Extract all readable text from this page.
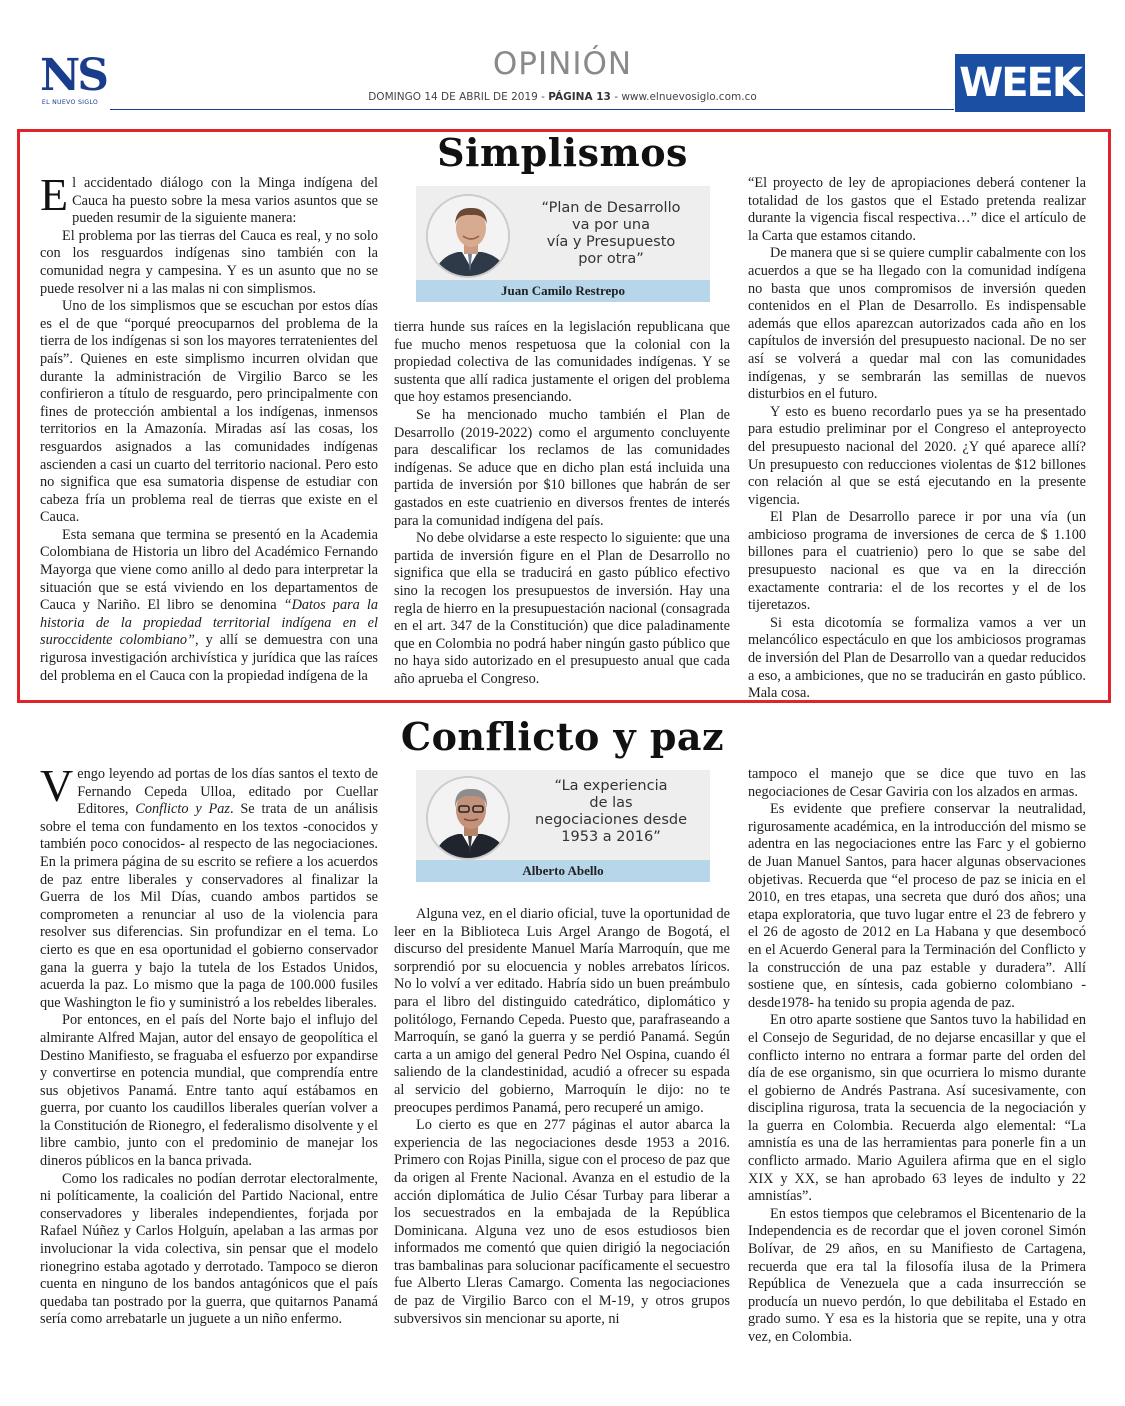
NS
EL NUEVO SIGLO
OPINIÓN
DOMINGO 14 DE ABRIL DE 2019 - PÁGINA 13 - www.elnuevosiglo.com.co	WEEK
Simplismos

El accidentado diálogo con la Minga indígena del Cauca ha puesto sobre la mesa varios asuntos que se pueden resumir de la siguiente manera:

El problema por las tierras del Cauca es real, y no solo con los resguardos indígenas sino también con la comunidad negra y campesina. Y es un asunto que no se puede resolver ni a las malas ni con simplismos.

Uno de los simplismos que se escuchan por estos días es el de que “porqué preocuparnos del problema de la tierra de los indígenas si son los mayores terratenientes del país”. Quienes en este simplismo incurren olvidan que durante la administración de Virgilio Barco se les confirieron a título de resguardo, pero principalmente con fines de protección ambiental a los indígenas, inmensos territorios en la Amazonía. Miradas así las cosas, los resguardos asignados a las comunidades indígenas ascienden a casi un cuarto del territorio nacional. Pero esto no significa que esa sumatoria dispense de estudiar con cabeza fría un problema real de tierras que existe en el Cauca.

Esta semana que termina se presentó en la Academia Colombiana de Historia un libro del Académico Fernando Mayorga que viene como anillo al dedo para interpretar la situación que se está viviendo en los departamentos de Cauca y Nariño. El libro se denomina “Datos para la historia de la propiedad territorial indígena en el suroccidente colombiano”, y allí se demuestra con una rigurosa investigación archivística y jurídica que las raíces del problema en el Cauca con la propiedad indígena de la

“Plan de Desarrollo
va por una
vía y Presupuesto
por otra”
Juan Camilo Restrepo

tierra hunde sus raíces en la legislación republicana que fue mucho menos respetuosa que la colonial con la propiedad colectiva de las comunidades indígenas. Y se sustenta que allí radica justamente el origen del problema que hoy estamos presenciando.

Se ha mencionado mucho también el Plan de Desarrollo (2019-2022) como el argumento concluyente para descalificar los reclamos de las comunidades indígenas. Se aduce que en dicho plan está incluida una partida de inversión por $10 billones que habrán de ser gastados en este cuatrienio en diversos frentes de interés para la comunidad indígena del país.

No debe olvidarse a este respecto lo siguiente: que una partida de inversión figure en el Plan de Desarrollo no significa que ella se traducirá en gasto público efectivo sino la recogen los presupuestos de inversión. Hay una regla de hierro en la presupuestación nacional (consagrada en el art. 347 de la Constitución) que dice paladinamente que en Colombia no podrá haber ningún gasto público que no haya sido autorizado en el presupuesto anual que cada año aprueba el Congreso.

“El proyecto de ley de apropiaciones deberá contener la totalidad de los gastos que el Estado pretenda realizar durante la vigencia fiscal respectiva…” dice el artículo de la Carta que estamos citando.

De manera que si se quiere cumplir cabalmente con los acuerdos a que se ha llegado con la comunidad indígena no basta que unos compromisos de inversión queden contenidos en el Plan de Desarrollo. Es indispensable además que ellos aparezcan autorizados cada año en los capítulos de inversión del presupuesto nacional. De no ser así se volverá a quedar mal con las comunidades indígenas, y se sembrarán las semillas de nuevos disturbios en el futuro.

Y esto es bueno recordarlo pues ya se ha presentado para estudio preliminar por el Congreso el anteproyecto del presupuesto nacional del 2020. ¿Y qué aparece allí? Un presupuesto con reducciones violentas de $12 billones con relación al que se está ejecutando en la presente vigencia.

El Plan de Desarrollo parece ir por una vía (un ambicioso programa de inversiones de cerca de $ 1.100 billones para el cuatrienio) pero lo que se sabe del presupuesto nacional es que va en la dirección exactamente contraria: el de los recortes y el de los tijeretazos.

Si esta dicotomía se formaliza vamos a ver un melancólico espectáculo en que los ambiciosos programas de inversión del Plan de Desarrollo van a quedar reducidos a eso, a ambiciones, que no se traducirán en gasto público. Mala cosa.

Conflicto y paz

Vengo leyendo ad portas de los días santos el texto de Fernando Cepeda Ulloa, editado por Cuellar Editores, Conflicto y Paz. Se trata de un análisis sobre el tema con fundamento en los textos -conocidos y también poco conocidos- al respecto de las negociaciones. En la primera página de su escrito se refiere a los acuerdos de paz entre liberales y conservadores al finalizar la Guerra de los Mil Días, cuando ambos partidos se comprometen a renunciar al uso de la violencia para resolver sus diferencias. Sin profundizar en el tema. Lo cierto es que en esa oportunidad el gobierno conservador gana la guerra y bajo la tutela de los Estados Unidos, acuerda la paz. Lo mismo que la paga de 100.000 fusiles que Washington le fio y suministró a los rebeldes liberales.

Por entonces, en el país del Norte bajo el influjo del almirante Alfred Majan, autor del ensayo de geopolítica el Destino Manifiesto, se fraguaba el esfuerzo por expandirse y convertirse en potencia mundial, que comprendía entre sus objetivos Panamá. Entre tanto aquí estábamos en guerra, por cuanto los caudillos liberales querían volver a la Constitución de Rionegro, el federalismo disolvente y el libre cambio, junto con el predominio de manejar los dineros públicos en la banca privada.

Como los radicales no podían derrotar electoralmente, ni políticamente, la coalición del Partido Nacional, entre conservadores y liberales independientes, forjada por Rafael Núñez y Carlos Holguín, apelaban a las armas por involucionar la vida colectiva, sin pensar que el modelo rionegrino estaba agotado y derrotado. Tampoco se dieron cuenta en ninguno de los bandos antagónicos que el país quedaba tan postrado por la guerra, que quitarnos Panamá sería como arrebatarle un juguete a un niño enfermo.

“La experiencia
de las
negociaciones desde
1953 a 2016”
Alberto Abello

Alguna vez, en el diario oficial, tuve la oportunidad de leer en la Biblioteca Luis Argel Arango de Bogotá, el discurso del presidente Manuel María Marroquín, que me sorprendió por su elocuencia y nobles arrebatos líricos. No lo volví a ver editado. Habría sido un buen preámbulo para el libro del distinguido catedrático, diplomático y politólogo, Fernando Cepeda. Puesto que, parafraseando a Marroquín, se ganó la guerra y se perdió Panamá. Según carta a un amigo del general Pedro Nel Ospina, cuando él saliendo de la clandestinidad, acudió a ofrecer su espada al servicio del gobierno, Marroquín le dijo: no te preocupes perdimos Panamá, pero recuperé un amigo.

Lo cierto es que en 277 páginas el autor abarca la experiencia de las negociaciones desde 1953 a 2016. Primero con Rojas Pinilla, sigue con el proceso de paz que da origen al Frente Nacional. Avanza en el estudio de la acción diplomática de Julio César Turbay para liberar a los secuestrados en la embajada de la República Dominicana. Alguna vez uno de esos estudiosos bien informados me comentó que quien dirigió la negociación tras bambalinas para solucionar pacíficamente el secuestro fue Alberto Lleras Camargo. Comenta las negociaciones de paz de Virgilio Barco con el M-19, y otros grupos subversivos sin mencionar su aporte, ni

tampoco el manejo que se dice que tuvo en las negociaciones de Cesar Gaviria con los alzados en armas.

Es evidente que prefiere conservar la neutralidad, rigurosamente académica, en la introducción del mismo se adentra en las negociaciones entre las Farc y el gobierno de Juan Manuel Santos, para hacer algunas observaciones objetivas. Recuerda que “el proceso de paz se inicia en el 2010, en tres etapas, una secreta que duró dos años; una etapa exploratoria, que tuvo lugar entre el 23 de febrero y el 26 de agosto de 2012 en La Habana y que desembocó en el Acuerdo General para la Terminación del Conflicto y la construcción de una paz estable y duradera”. Allí sostiene que, en síntesis, cada gobierno colombiano -desde1978- ha tenido su propia agenda de paz.

En otro aparte sostiene que Santos tuvo la habilidad en el Consejo de Seguridad, de no dejarse encasillar y que el conflicto interno no entrara a formar parte del orden del día de ese organismo, sin que ocurriera lo mismo durante el gobierno de Andrés Pastrana. Así sucesivamente, con disciplina rigurosa, trata la secuencia de la negociación y la guerra en Colombia. Recuerda algo elemental: “La amnistía es una de las herramientas para ponerle fin a un conflicto armado. Mario Aguilera afirma que en el siglo XIX y XX, se han aprobado 63 leyes de indulto y 22 amnistías”.

En estos tiempos que celebramos el Bicentenario de la Independencia es de recordar que el joven coronel Simón Bolívar, de 29 años, en su Manifiesto de Cartagena, recuerda que era tal la filosofía ilusa de la Primera República de Venezuela que a cada insurrección se producía un nuevo perdón, lo que debilitaba el Estado en grado sumo. Y esa es la historia que se repite, una y otra vez, en Colombia.
